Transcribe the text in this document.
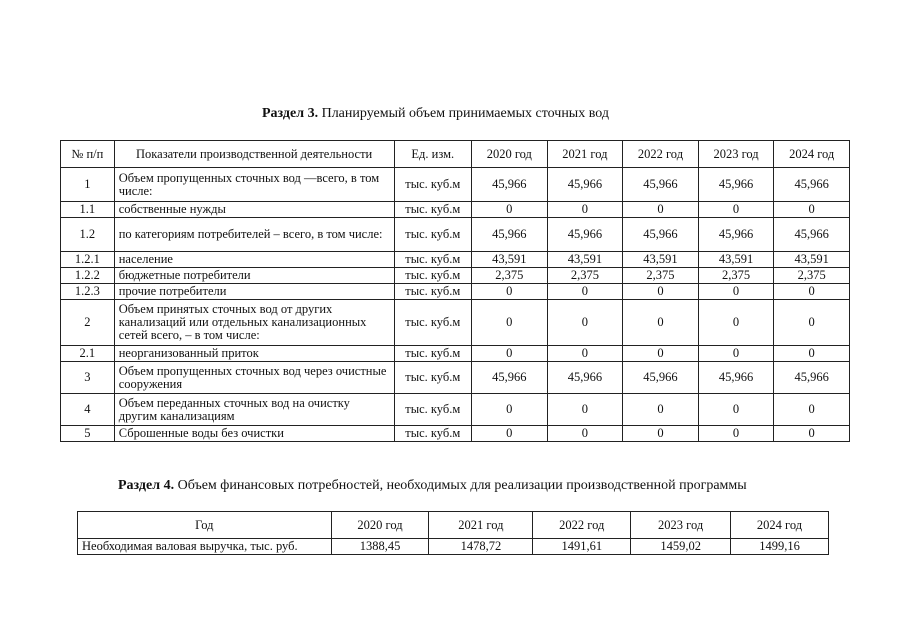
Раздел 3. Планируемый объем принимаемых сточных вод
№ п/п	Показатели производственной деятельности	Ед. изм.	2020 год	2021 год	2022 год	2023 год	2024 год
1	Объем пропущенных сточных вод —всего, в том числе:	тыс. куб.м	45,966	45,966	45,966	45,966	45,966
1.1	собственные нужды	тыс. куб.м	0	0	0	0	0
1.2	по категориям потребителей – всего, в том числе:	тыс. куб.м	45,966	45,966	45,966	45,966	45,966
1.2.1	население	тыс. куб.м	43,591	43,591	43,591	43,591	43,591
1.2.2	бюджетные потребители	тыс. куб.м	2,375	2,375	2,375	2,375	2,375
1.2.3	прочие потребители	тыс. куб.м	0	0	0	0	0
2	Объем принятых сточных вод от других канализаций или отдельных канализационных сетей всего, – в том числе:	тыс. куб.м	0	0	0	0	0
2.1	неорганизованный приток	тыс. куб.м	0	0	0	0	0
3	Объем пропущенных сточных вод через очистные сооружения	тыс. куб.м	45,966	45,966	45,966	45,966	45,966
4	Объем переданных сточных вод на очистку другим канализациям	тыс. куб.м	0	0	0	0	0
5	Сброшенные воды без очистки	тыс. куб.м	0	0	0	0	0
Раздел 4. Объем финансовых потребностей, необходимых для реализации производственной программы
Год	2020 год	2021 год	2022 год	2023 год	2024 год
Необходимая валовая выручка, тыс. руб.	1388,45	1478,72	1491,61	1459,02	1499,16
